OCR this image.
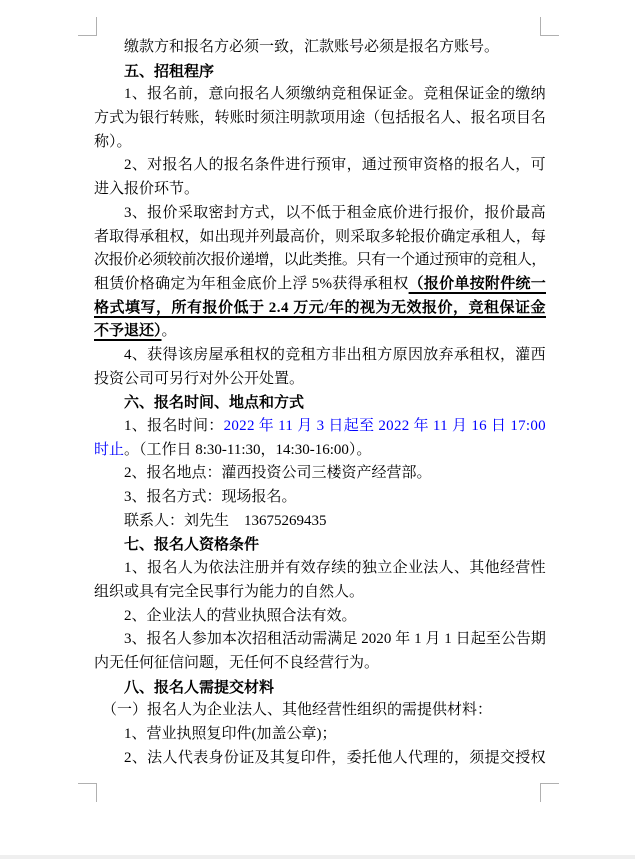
缴款方和报名方必须一致，汇款账号必须是报名方账号。
五、招租程序
1、报名前，意向报名人须缴纳竞租保证金。竞租保证金的缴纳
方式为银行转账，转账时须注明款项用途（包括报名人、报名项目名
称）。
2、对报名人的报名条件进行预审，通过预审资格的报名人，可
进入报价环节。
3、报价采取密封方式，以不低于租金底价进行报价，报价最高
者取得承租权，如出现并列最高价，则采取多轮报价确定承租人，每
次报价必须较前次报价递增，以此类推。只有一个通过预审的竞租人，
租赁价格确定为年租金底价上浮 5%获得承租权（报价单按附件统一
格式填写，所有报价低于 2.4 万元/年的视为无效报价，竞租保证金
不予退还）。
4、获得该房屋承租权的竞租方非出租方原因放弃承租权，灌西
投资公司可另行对外公开处置。
六、报名时间、地点和方式
1、报名时间：2022 年 11 月 3 日起至 2022 年 11 月 16 日 17:00
时止。（工作日 8:30-11:30，14:30-16:00）。
2、报名地点：灌西投资公司三楼资产经营部。
3、报名方式：现场报名。
联系人：刘先生　13675269435
七、报名人资格条件
1、报名人为依法注册并有效存续的独立企业法人、其他经营性
组织或具有完全民事行为能力的自然人。
2、企业法人的营业执照合法有效。
3、报名人参加本次招租活动需满足 2020 年 1 月 1 日起至公告期
内无任何征信问题，无任何不良经营行为。
八、报名人需提交材料
（一）报名人为企业法人、其他经营性组织的需提供材料：
1、营业执照复印件(加盖公章)；
2、法人代表身份证及其复印件，委托他人代理的，须提交授权
